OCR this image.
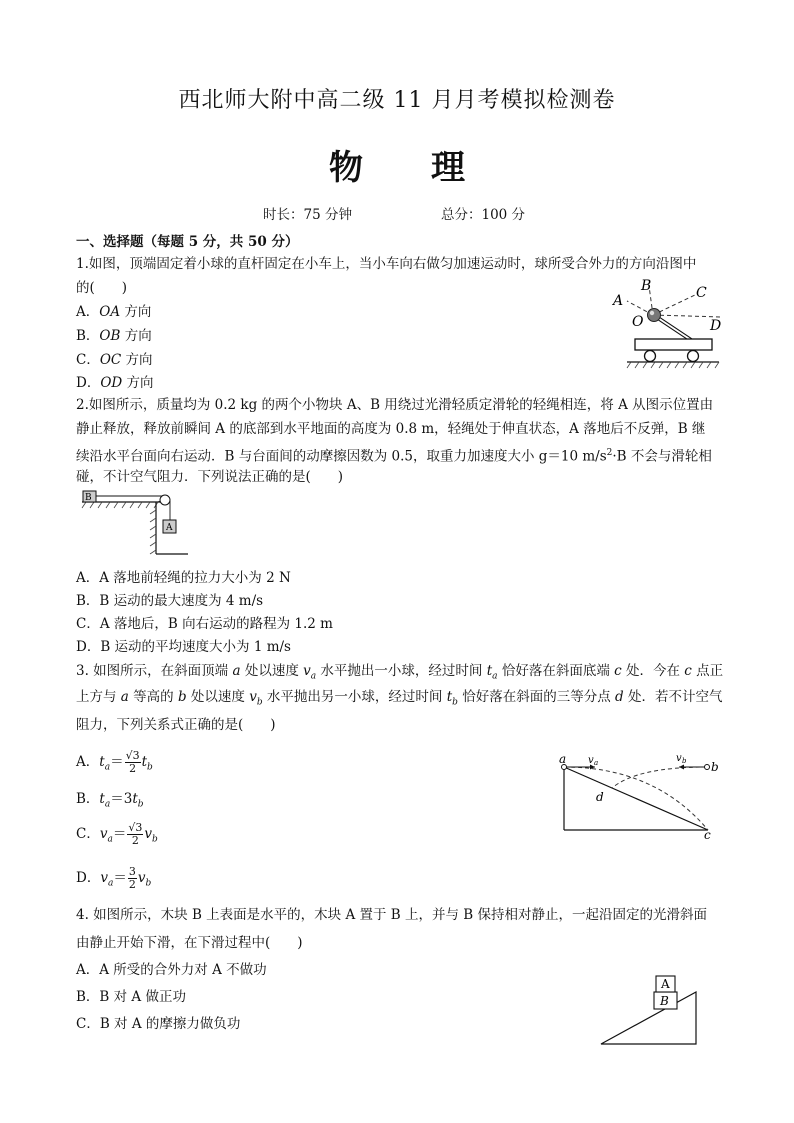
西北师大附中高二级 11 月月考模拟检测卷
物 理
时长：75 分钟	总分：100 分
一、选择题（每题 5 分，共 50 分）
1.如图，顶端固定着小球的直杆固定在小车上，当小车向右做匀加速运动时，球所受合外力的方向沿图中
的(　　)
A．OA 方向
B．OB 方向
C．OC 方向
D．OD 方向
A
B	C
D
O
2.如图所示，质量均为 0.2 kg 的两个小物块 A、B 用绕过光滑轻质定滑轮的轻绳相连，将 A 从图示位置由
静止释放，释放前瞬间 A 的底部到水平地面的高度为 0.8 m，轻绳处于伸直状态，A 落地后不反弹，B 继
续沿水平台面向右运动．B 与台面间的动摩擦因数为 0.5，取重力加速度大小 g＝10 $m/s^2\cdot B$ 不会与滑轮相
碰，不计空气阻力．下列说法正确的是(　　)
B
A
A．A 落地前轻绳的拉力大小为 2 N
B．B 运动的最大速度为 4 m/s
C．A 落地后，B 向右运动的路程为 1.2 m
D．B 运动的平均速度大小为 1 m/s
3. 如图所示，在斜面顶端 a 处以速度 $v_a$ 水平抛出一小球，经过时间 $t_a$ 恰好落在斜面底端 c 处．今在 c 点正
上方与 a 等高的 b 处以速度 $v_b$ 水平抛出另一小球，经过时间 $t_b$ 恰好落在斜面的三等分点 d 处．若不计空气
阻力，下列关系式正确的是(　　)
A．$t_a= \frac{√3}{2} t_b$
B．$t_a=3t_b$
C．$v_a= \frac{√3}{2} v_b$
D．$v_a= \frac{3}{2} v_b$
a
b
c
d
v a	v b
4. 如图所示，木块 B 上表面是水平的，木块 A 置于 B 上，并与 B 保持相对静止，一起沿固定的光滑斜面
由静止开始下滑，在下滑过程中(　　)
A．A 所受的合外力对 A 不做功
B．B 对 A 做正功
C．B 对 A 的摩擦力做负功
A
B
